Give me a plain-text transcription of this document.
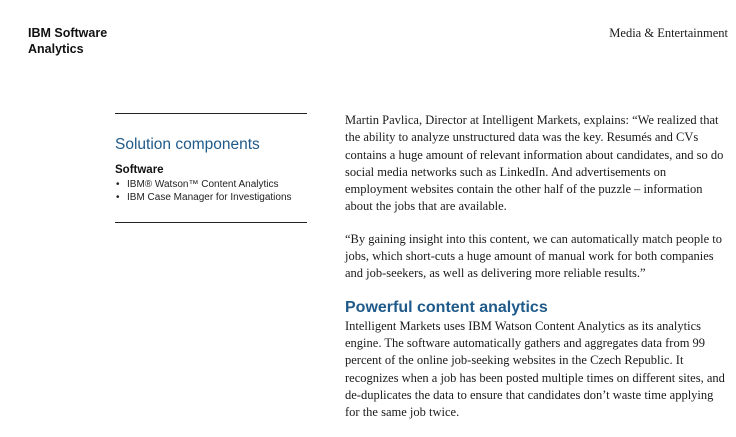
IBM Software
Analytics
Media & Entertainment
Solution components
Software
• IBM® Watson™ Content Analytics
• IBM Case Manager for Investigations

Martin Pavlica, Director at Intelligent Markets, explains: “We realized that the ability to analyze unstructured data was the key. Resumés and CVs contains a huge amount of relevant information about candidates, and so do social media networks such as LinkedIn. And advertisements on employment websites contain the other half of the puzzle – information about the jobs that are available.

“By gaining insight into this content, we can automatically match people to jobs, which short-cuts a huge amount of manual work for both companies and job-seekers, as well as delivering more reliable results.”

Powerful content analytics

Intelligent Markets uses IBM Watson Content Analytics as its analytics engine. The software automatically gathers and aggregates data from 99 percent of the online job-seeking websites in the Czech Republic. It recognizes when a job has been posted multiple times on different sites, and de-duplicates the data to ensure that candidates don’t waste time applying for the same job twice.
